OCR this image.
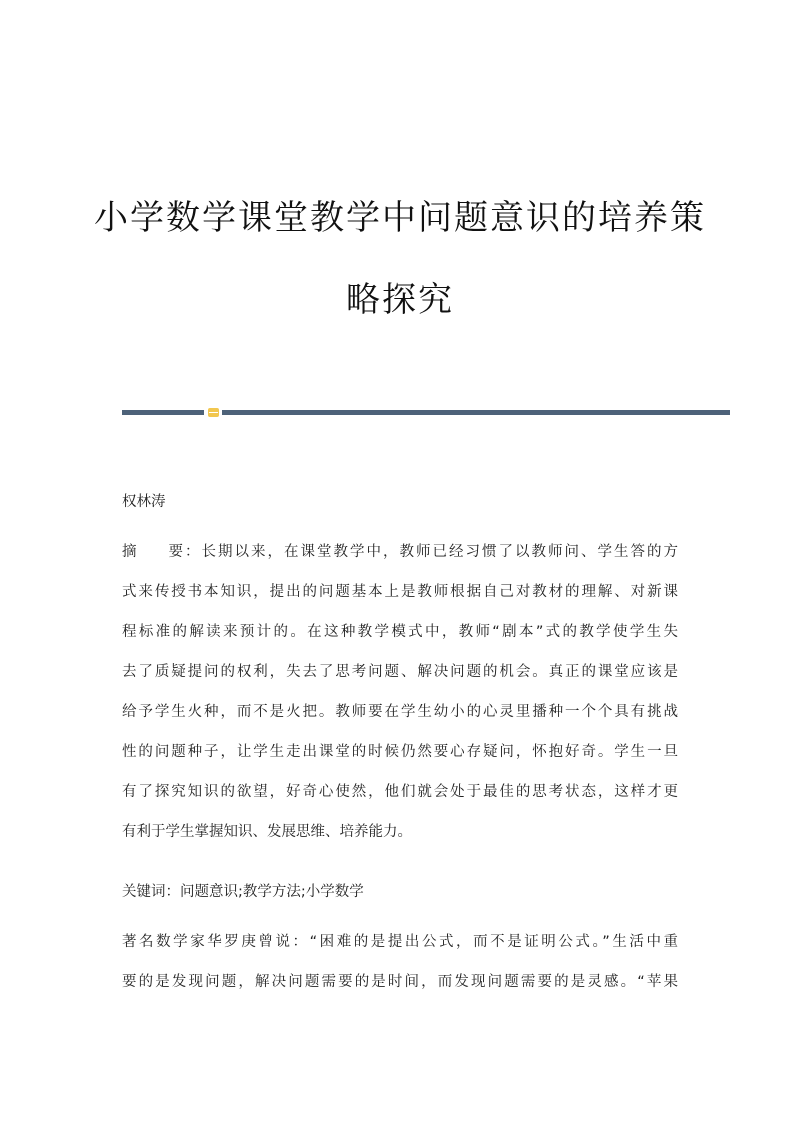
小学数学课堂教学中问题意识的培养策
略探究
权林涛
摘 要：长期以来，在课堂教学中，教师已经习惯了以教师问、学生答的方
式来传授书本知识，提出的问题基本上是教师根据自己对教材的理解、对新课
程标准的解读来预计的。在这种教学模式中，教师“剧本”式的教学使学生失
去了质疑提问的权利，失去了思考问题、解决问题的机会。真正的课堂应该是
给予学生火种，而不是火把。教师要在学生幼小的心灵里播种一个个具有挑战
性的问题种子，让学生走出课堂的时候仍然要心存疑问，怀抱好奇。学生一旦
有了探究知识的欲望，好奇心使然，他们就会处于最佳的思考状态，这样才更
有利于学生掌握知识、发展思维、培养能力。
关键词：问题意识;教学方法;小学数学
著名数学家华罗庚曾说：“困难的是提出公式，而不是证明公式。”生活中重
要的是发现问题，解决问题需要的是时间，而发现问题需要的是灵感。“苹果
